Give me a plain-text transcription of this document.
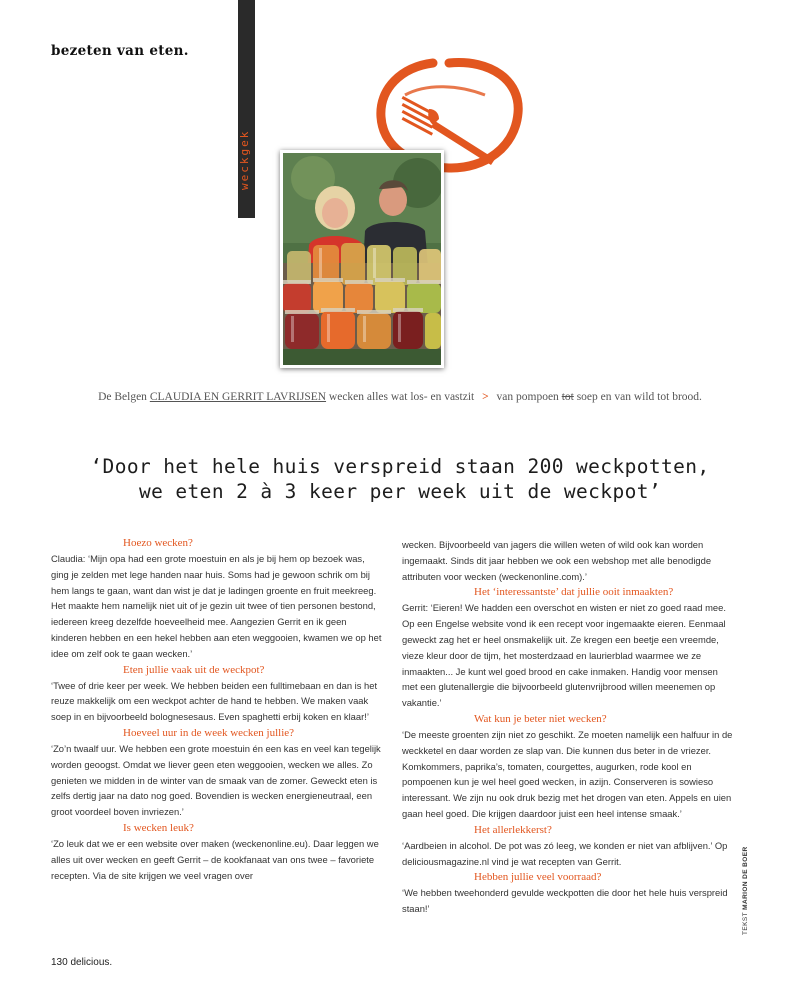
bezeten van eten.
weckgek
De Belgen CLAUDIA EN GERRIT LAVRIJSEN wecken alles wat los- en vastzit > van pompoen tot soep en van wild tot brood.
‘Door het hele huis verspreid staan 200 weckpotten,
we eten 2 à 3 keer per week uit de weckpot’
Hoezo wecken?

Claudia: ‘Mijn opa had een grote moestuin en als je bij hem op bezoek was, ging je zelden met lege handen naar huis. Soms had je gewoon schrik om bij hem langs te gaan, want dan wist je dat je ladingen groente en fruit meekreeg. Het maakte hem namelijk niet uit of je gezin uit twee of tien personen bestond, iedereen kreeg dezelfde hoeveelheid mee. Aangezien Gerrit en ik geen kinderen hebben en een hekel hebben aan eten weggooien, kwamen we op het idee om zelf ook te gaan wecken.’

Eten jullie vaak uit de weckpot?

‘Twee of drie keer per week. We hebben beiden een fulltimebaan en dan is het reuze makkelijk om een weckpot achter de hand te hebben. We maken vaak soep in en bijvoorbeeld bolognesesaus. Even spaghetti erbij koken en klaar!’

Hoeveel uur in de week wecken jullie?

‘Zo’n twaalf uur. We hebben een grote moestuin én een kas en veel kan tegelijk worden geoogst. Omdat we liever geen eten weggooien, wecken we alles. Zo genieten we midden in de winter van de smaak van de zomer. Geweckt eten is zelfs dertig jaar na dato nog goed. Bovendien is wecken energieneutraal, een groot voordeel boven invriezen.’

Is wecken leuk?

‘Zo leuk dat we er een website over maken (weckenonline.eu). Daar leggen we alles uit over wecken en geeft Gerrit – de kookfanaat van ons twee – favoriete recepten. Via de site krijgen we veel vragen over

wecken. Bijvoorbeeld van jagers die willen weten of wild ook kan worden ingemaakt. Sinds dit jaar hebben we ook een webshop met alle benodigde attributen voor wecken (weckenonline.com).’

Het ‘interessantste’ dat jullie ooit inmaakten?

Gerrit: ‘Eieren! We hadden een overschot en wisten er niet zo goed raad mee. Op een Engelse website vond ik een recept voor ingemaakte eieren. Eenmaal geweckt zag het er heel onsmakelijk uit. Ze kregen een beetje een vreemde, vieze kleur door de tijm, het mosterdzaad en laurierblad waarmee we ze inmaakten... Je kunt wel goed brood en cake inmaken. Handig voor mensen met een glutenallergie die bijvoorbeeld glutenvrijbrood willen meenemen op vakantie.’

Wat kun je beter niet wecken?

‘De meeste groenten zijn niet zo geschikt. Ze moeten namelijk een halfuur in de weckketel en daar worden ze slap van. Die kunnen dus beter in de vriezer. Komkommers, paprika’s, tomaten, courgettes, augurken, rode kool en pompoenen kun je wel heel goed wecken, in azijn. Conserveren is sowieso interessant. We zijn nu ook druk bezig met het drogen van eten. Appels en uien gaan heel goed. Die krijgen daardoor juist een heel intense smaak.’

Het allerlekkerst?

‘Aardbeien in alcohol. De pot was zó leeg, we konden er niet van afblijven.’ Op deliciousmagazine.nl vind je wat recepten van Gerrit.

Hebben jullie veel voorraad?

‘We hebben tweehonderd gevulde weckpotten die door het hele huis verspreid staan!’

TEKST MARION DE BOER
130 delicious.
